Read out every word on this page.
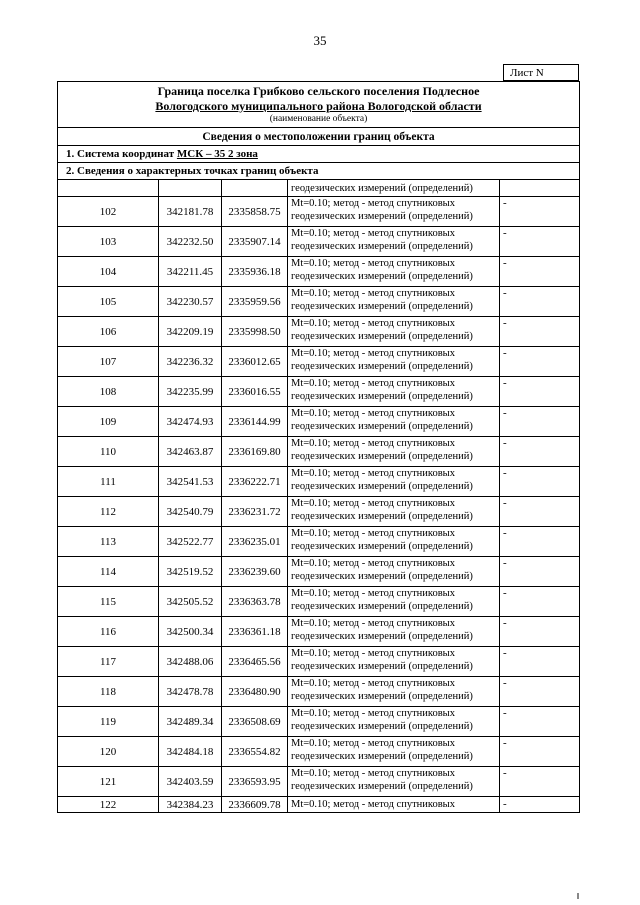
35
Лист N
Граница поселка Грибково сельского поселения Подлесное
Вологодского муниципального района Вологодской области
(наименование объекта)				

Сведения о местоположении границ объекта				
1. Система координат МСК – 35 2 зона				
2. Сведения о характерных точках границ объекта				
			геодезических измерений (определений)	
102	342181.78	2335858.75	Mt=0.10; метод - метод спутниковых
геодезических измерений (определений)	-
103	342232.50	2335907.14	Mt=0.10; метод - метод спутниковых
геодезических измерений (определений)	-
104	342211.45	2335936.18	Mt=0.10; метод - метод спутниковых
геодезических измерений (определений)	-
105	342230.57	2335959.56	Mt=0.10; метод - метод спутниковых
геодезических измерений (определений)	-
106	342209.19	2335998.50	Mt=0.10; метод - метод спутниковых
геодезических измерений (определений)	-
107	342236.32	2336012.65	Mt=0.10; метод - метод спутниковых
геодезических измерений (определений)	-
108	342235.99	2336016.55	Mt=0.10; метод - метод спутниковых
геодезических измерений (определений)	-
109	342474.93	2336144.99	Mt=0.10; метод - метод спутниковых
геодезических измерений (определений)	-
110	342463.87	2336169.80	Mt=0.10; метод - метод спутниковых
геодезических измерений (определений)	-
111	342541.53	2336222.71	Mt=0.10; метод - метод спутниковых
геодезических измерений (определений)	-
112	342540.79	2336231.72	Mt=0.10; метод - метод спутниковых
геодезических измерений (определений)	-
113	342522.77	2336235.01	Mt=0.10; метод - метод спутниковых
геодезических измерений (определений)	-
114	342519.52	2336239.60	Mt=0.10; метод - метод спутниковых
геодезических измерений (определений)	-
115	342505.52	2336363.78	Mt=0.10; метод - метод спутниковых
геодезических измерений (определений)	-
116	342500.34	2336361.18	Mt=0.10; метод - метод спутниковых
геодезических измерений (определений)	-
117	342488.06	2336465.56	Mt=0.10; метод - метод спутниковых
геодезических измерений (определений)	-
118	342478.78	2336480.90	Mt=0.10; метод - метод спутниковых
геодезических измерений (определений)	-
119	342489.34	2336508.69	Mt=0.10; метод - метод спутниковых
геодезических измерений (определений)	-
120	342484.18	2336554.82	Mt=0.10; метод - метод спутниковых
геодезических измерений (определений)	-
121	342403.59	2336593.95	Mt=0.10; метод - метод спутниковых
геодезических измерений (определений)	-
122	342384.23	2336609.78	Mt=0.10; метод - метод спутниковых	-
